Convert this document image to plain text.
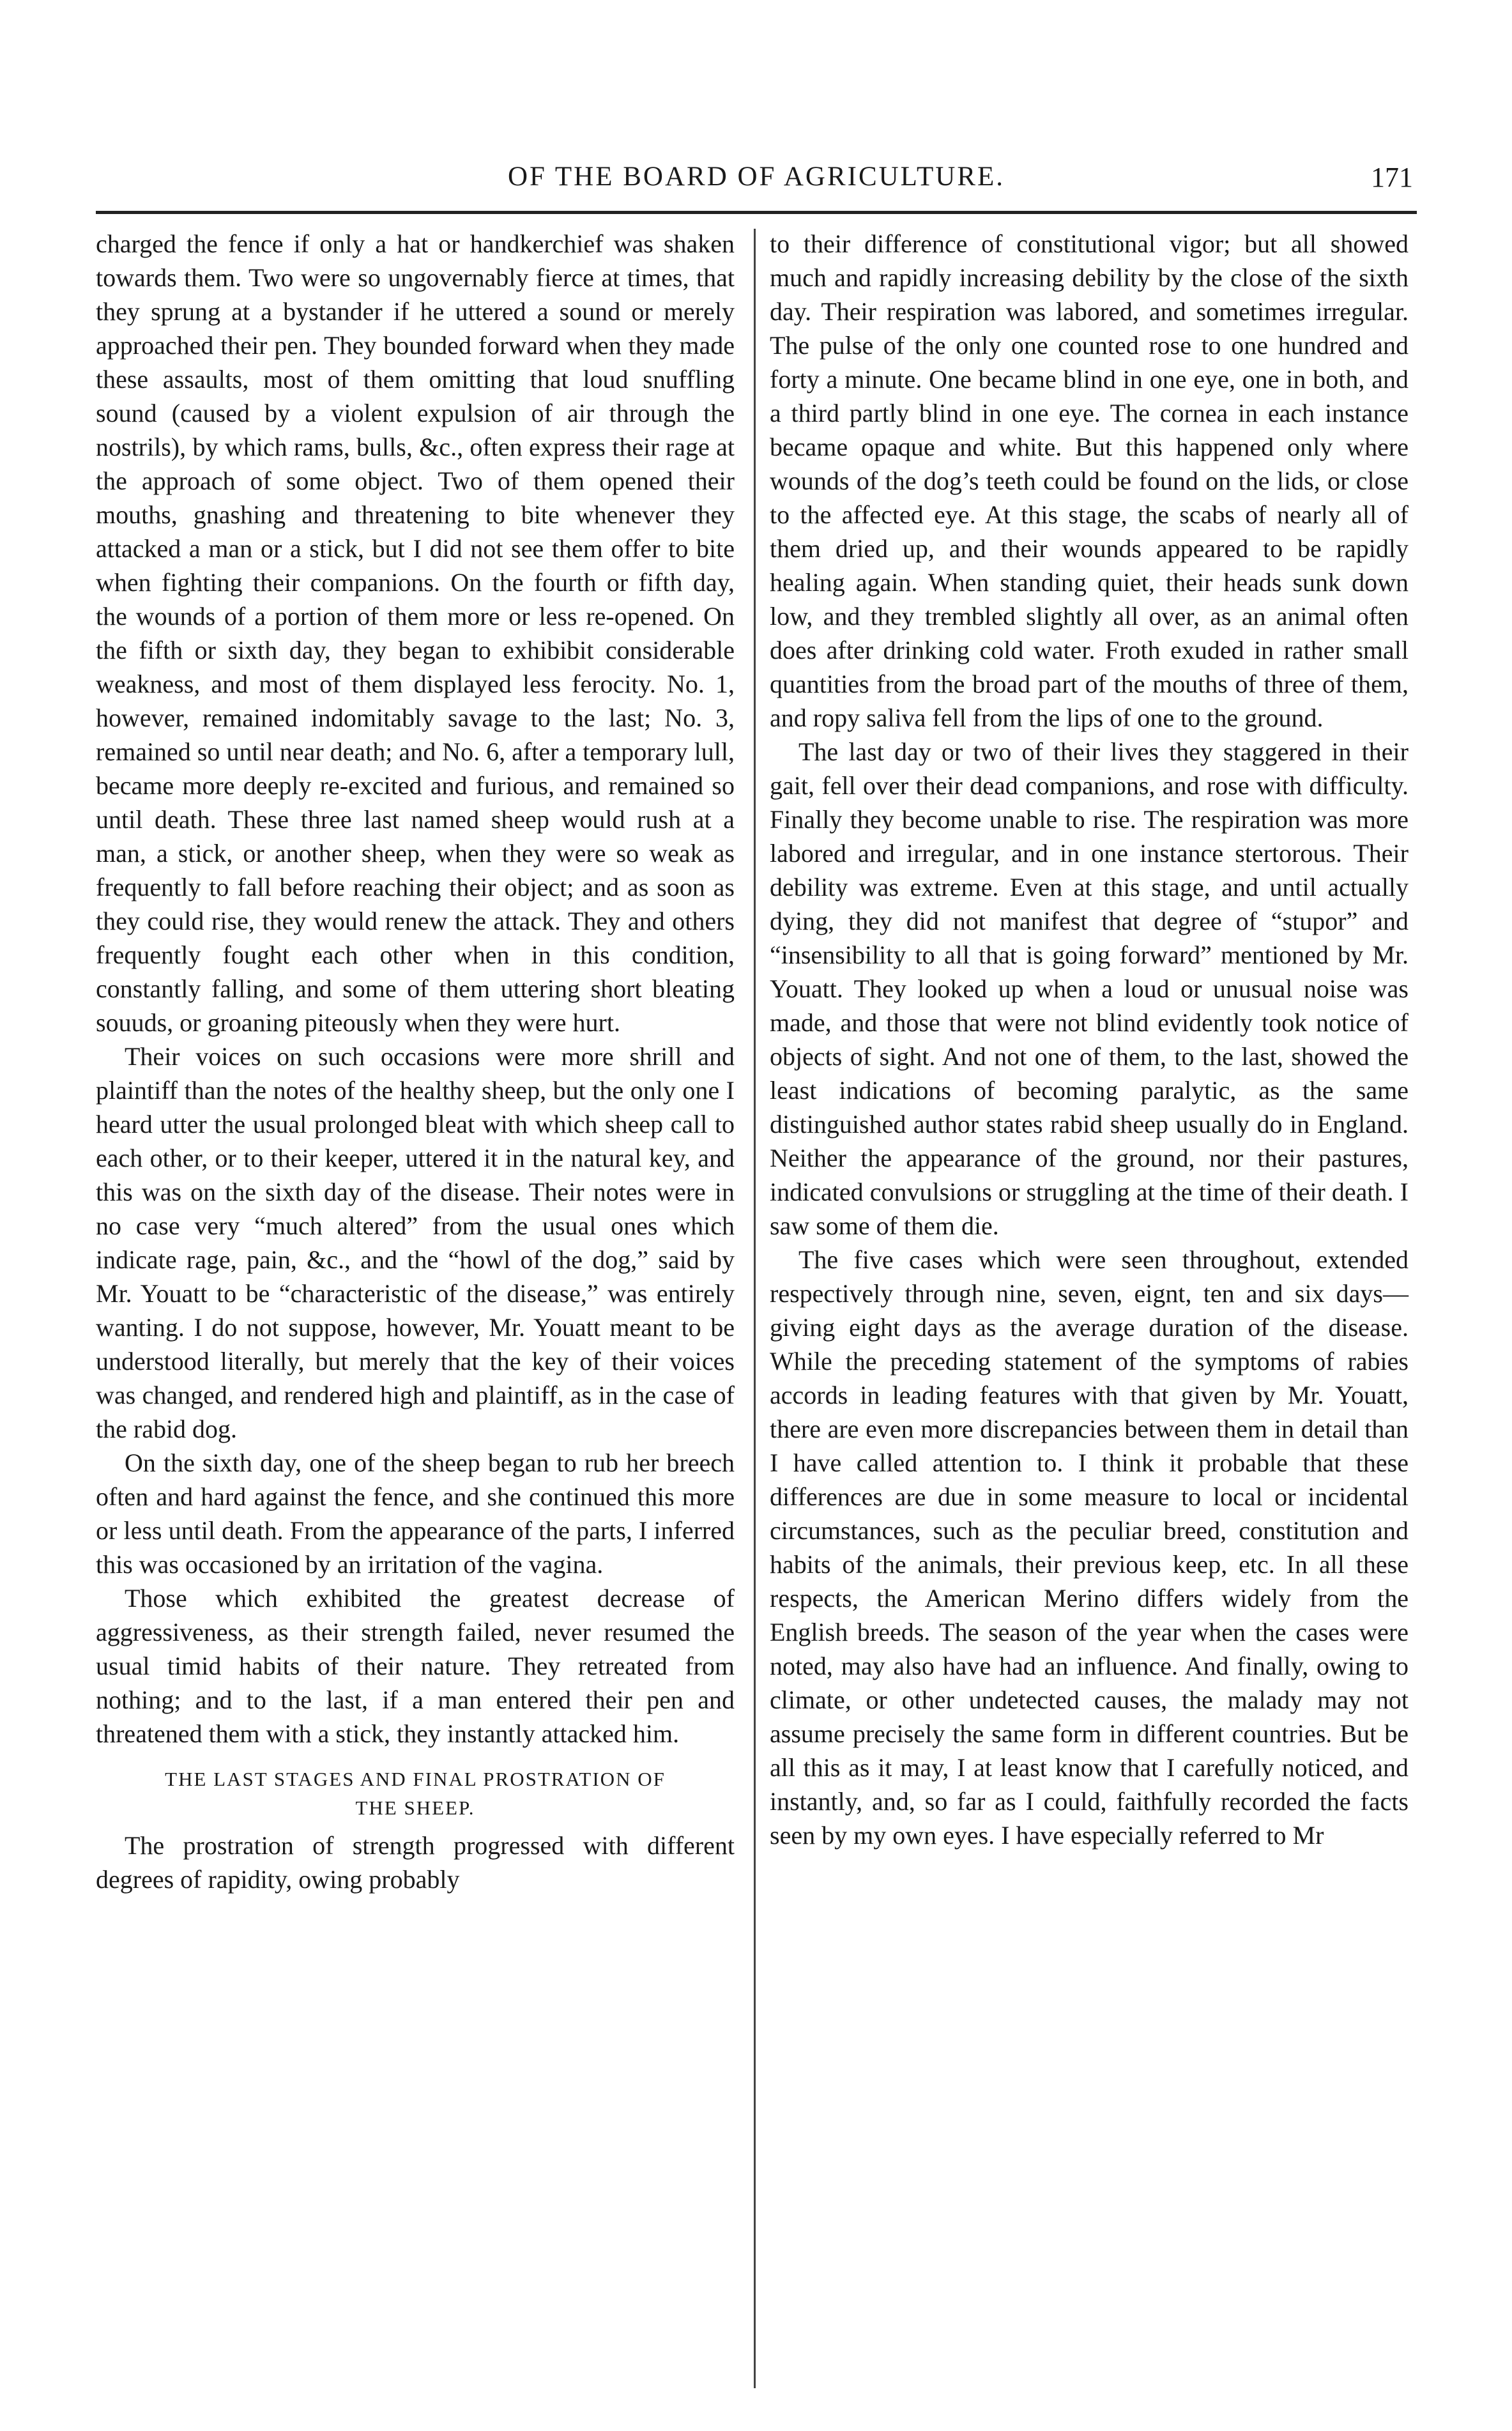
OF THE BOARD OF AGRICULTURE.	171

charged the fence if only a hat or handkerchief was shaken towards them. Two were so ungovernably fierce at times, that they sprung at a bystander if he uttered a sound or merely approached their pen. They bounded forward when they made these assaults, most of them omitting that loud snuffling sound (caused by a violent expulsion of air through the nostrils), by which rams, bulls, &c., often express their rage at the approach of some object. Two of them opened their mouths, gnashing and threatening to bite whenever they attacked a man or a stick, but I did not see them offer to bite when fighting their companions. On the fourth or fifth day, the wounds of a portion of them more or less re-opened. On the fifth or sixth day, they began to exhibibit considerable weakness, and most of them displayed less ferocity. No. 1, however, remained indomitably savage to the last; No. 3, remained so until near death; and No. 6, after a temporary lull, became more deeply re-excited and furious, and remained so until death. These three last named sheep would rush at a man, a stick, or another sheep, when they were so weak as frequently to fall before reaching their object; and as soon as they could rise, they would renew the attack. They and others frequently fought each other when in this condition, constantly falling, and some of them uttering short bleating souuds, or groaning piteously when they were hurt.

Their voices on such occasions were more shrill and plaintiff than the notes of the healthy sheep, but the only one I heard utter the usual prolonged bleat with which sheep call to each other, or to their keeper, uttered it in the natural key, and this was on the sixth day of the disease. Their notes were in no case very “much altered” from the usual ones which indicate rage, pain, &c., and the “howl of the dog,” said by Mr. Youatt to be “characteristic of the disease,” was entirely wanting. I do not suppose, however, Mr. Youatt meant to be understood literally, but merely that the key of their voices was changed, and rendered high and plaintiff, as in the case of the rabid dog.

On the sixth day, one of the sheep began to rub her breech often and hard against the fence, and she continued this more or less until death. From the appearance of the parts, I inferred this was occasioned by an irritation of the vagina.

Those which exhibited the greatest decrease of aggressiveness, as their strength failed, never resumed the usual timid habits of their nature. They retreated from nothing; and to the last, if a man entered their pen and threatened them with a stick, they instantly attacked him.

THE LAST STAGES AND FINAL PROSTRATION OF
THE SHEEP.

The prostration of strength progressed with different degrees of rapidity, owing probably

to their difference of constitutional vigor; but all showed much and rapidly increasing debility by the close of the sixth day. Their respiration was labored, and sometimes irregular. The pulse of the only one counted rose to one hundred and forty a minute. One became blind in one eye, one in both, and a third partly blind in one eye. The cornea in each instance became opaque and white. But this happened only where wounds of the dog’s teeth could be found on the lids, or close to the affected eye. At this stage, the scabs of nearly all of them dried up, and their wounds appeared to be rapidly healing again. When standing quiet, their heads sunk down low, and they trembled slightly all over, as an animal often does after drinking cold water. Froth exuded in rather small quantities from the broad part of the mouths of three of them, and ropy saliva fell from the lips of one to the ground.

The last day or two of their lives they staggered in their gait, fell over their dead companions, and rose with difficulty. Finally they become unable to rise. The respiration was more labored and irregular, and in one instance stertorous. Their debility was extreme. Even at this stage, and until actually dying, they did not manifest that degree of “stupor” and “insensibility to all that is going forward” mentioned by Mr. Youatt. They looked up when a loud or unusual noise was made, and those that were not blind evidently took notice of objects of sight. And not one of them, to the last, showed the least indications of becoming paralytic, as the same distinguished author states rabid sheep usually do in England. Neither the appearance of the ground, nor their pastures, indicated convulsions or struggling at the time of their death. I saw some of them die.

The five cases which were seen throughout, extended respectively through nine, seven, eignt, ten and six days—giving eight days as the average duration of the disease. While the preceding statement of the symptoms of rabies accords in leading features with that given by Mr. Youatt, there are even more discrepancies between them in detail than I have called attention to. I think it probable that these differences are due in some measure to local or incidental circumstances, such as the peculiar breed, constitution and habits of the animals, their previous keep, etc. In all these respects, the American Merino differs widely from the English breeds. The season of the year when the cases were noted, may also have had an influence. And finally, owing to climate, or other undetected causes, the malady may not assume precisely the same form in different countries. But be all this as it may, I at least know that I carefully noticed, and instantly, and, so far as I could, faithfully recorded the facts seen by my own eyes. I have especially referred to Mr
